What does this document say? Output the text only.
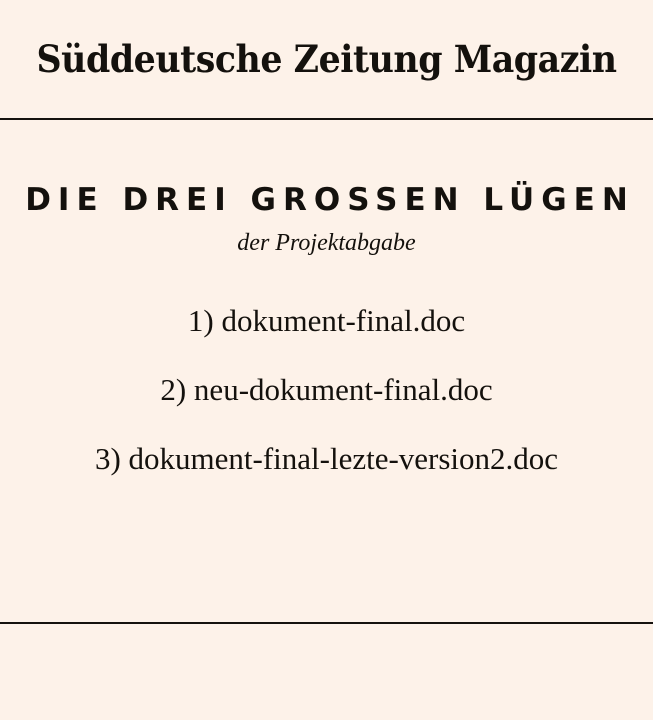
Süddeutsche Zeitung Magazin
DIE DREI GROSSEN LÜGEN
der Projektabgabe
1) dokument-final.doc
2) neu-dokument-final.doc
3) dokument-final-lezte-version2.doc
